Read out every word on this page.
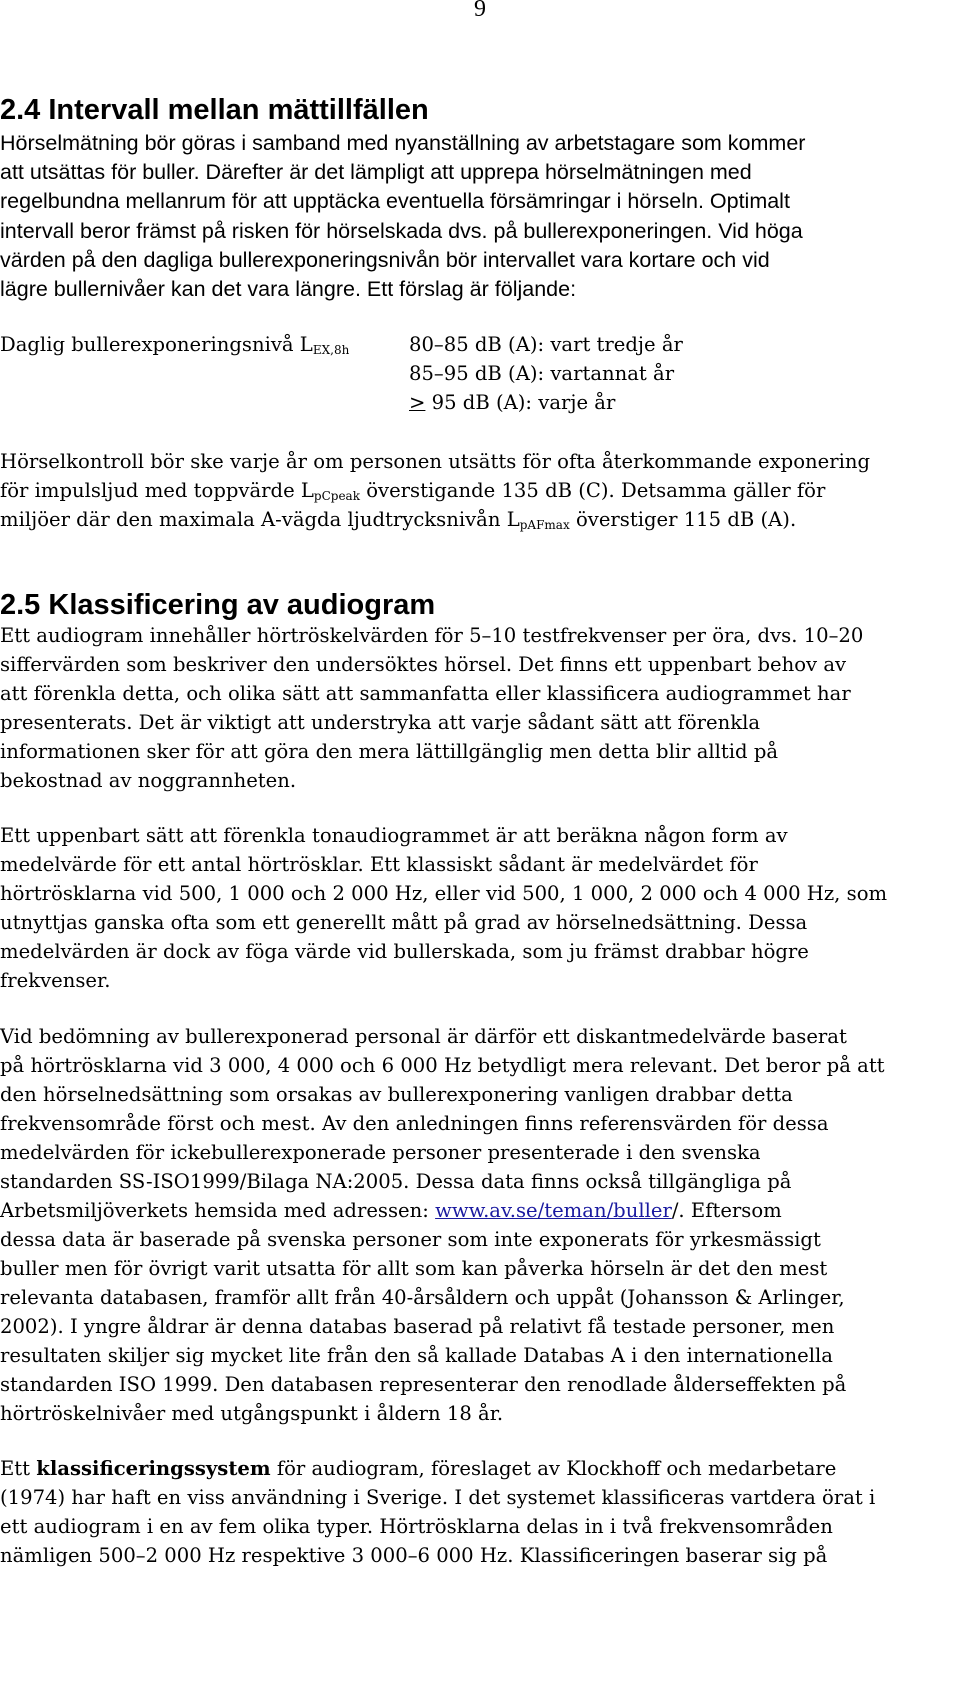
9
2.4 Intervall mellan mättillfällen
Hörselmätning bör göras i samband med nyanställning av arbetstagare som kommer
att utsättas för buller. Därefter är det lämpligt att upprepa hörselmätningen med
regelbundna mellanrum för att upptäcka eventuella försämringar i hörseln. Optimalt
intervall beror främst på risken för hörselskada dvs. på bullerexponeringen. Vid höga
värden på den dagliga bullerexponeringsnivån bör intervallet vara kortare och vid
lägre bullernivåer kan det vara längre. Ett förslag är följande:
Daglig bullerexponeringsnivå $L_{EX,8h}$	80–85 dB (A): vart tredje år
85–95 dB (A): vartannat år
≥ 95 dB (A): varje år
Hörselkontroll bör ske varje år om personen utsätts för ofta återkommande exponering
för impulsljud med toppvärde $L_{pCpeak}$ överstigande 135 dB (C). Detsamma gäller för
miljöer där den maximala A-vägda ljudtrycksnivån $L_{pAFmax}$ överstiger 115 dB (A).
2.5 Klassificering av audiogram
Ett audiogram innehåller hörtröskelvärden för 5–10 testfrekvenser per öra, dvs. 10–20
siffervärden som beskriver den undersöktes hörsel. Det finns ett uppenbart behov av
att förenkla detta, och olika sätt att sammanfatta eller klassificera audiogrammet har
presenterats. Det är viktigt att understryka att varje sådant sätt att förenkla
informationen sker för att göra den mera lättillgänglig men detta blir alltid på
bekostnad av noggrannheten.
Ett uppenbart sätt att förenkla tonaudiogrammet är att beräkna någon form av
medelvärde för ett antal hörtrösklar. Ett klassiskt sådant är medelvärdet för
hörtrösklarna vid 500, 1 000 och 2 000 Hz, eller vid 500, 1 000, 2 000 och 4 000 Hz, som
utnyttjas ganska ofta som ett generellt mått på grad av hörselnedsättning. Dessa
medelvärden är dock av föga värde vid bullerskada, som ju främst drabbar högre
frekvenser.
Vid bedömning av bullerexponerad personal är därför ett diskantmedelvärde baserat
på hörtrösklarna vid 3 000, 4 000 och 6 000 Hz betydligt mera relevant. Det beror på att
den hörselnedsättning som orsakas av bullerexponering vanligen drabbar detta
frekvensområde först och mest. Av den anledningen finns referensvärden för dessa
medelvärden för ickebullerexponerade personer presenterade i den svenska
standarden SS-ISO1999/Bilaga NA:2005. Dessa data finns också tillgängliga på
Arbetsmiljöverkets hemsida med adressen: www.av.se/teman/buller/. Eftersom
dessa data är baserade på svenska personer som inte exponerats för yrkesmässigt
buller men för övrigt varit utsatta för allt som kan påverka hörseln är det den mest
relevanta databasen, framför allt från 40-årsåldern och uppåt (Johansson & Arlinger,
2002). I yngre åldrar är denna databas baserad på relativt få testade personer, men
resultaten skiljer sig mycket lite från den så kallade Databas A i den internationella
standarden ISO 1999. Den databasen representerar den renodlade ålderseffekten på
hörtröskelnivåer med utgångspunkt i åldern 18 år.
Ett klassificeringssystem för audiogram, föreslaget av Klockhoff och medarbetare
(1974) har haft en viss användning i Sverige. I det systemet klassificeras vartdera örat i
ett audiogram i en av fem olika typer. Hörtrösklarna delas in i två frekvensområden
nämligen 500–2 000 Hz respektive 3 000–6 000 Hz. Klassificeringen baserar sig på
